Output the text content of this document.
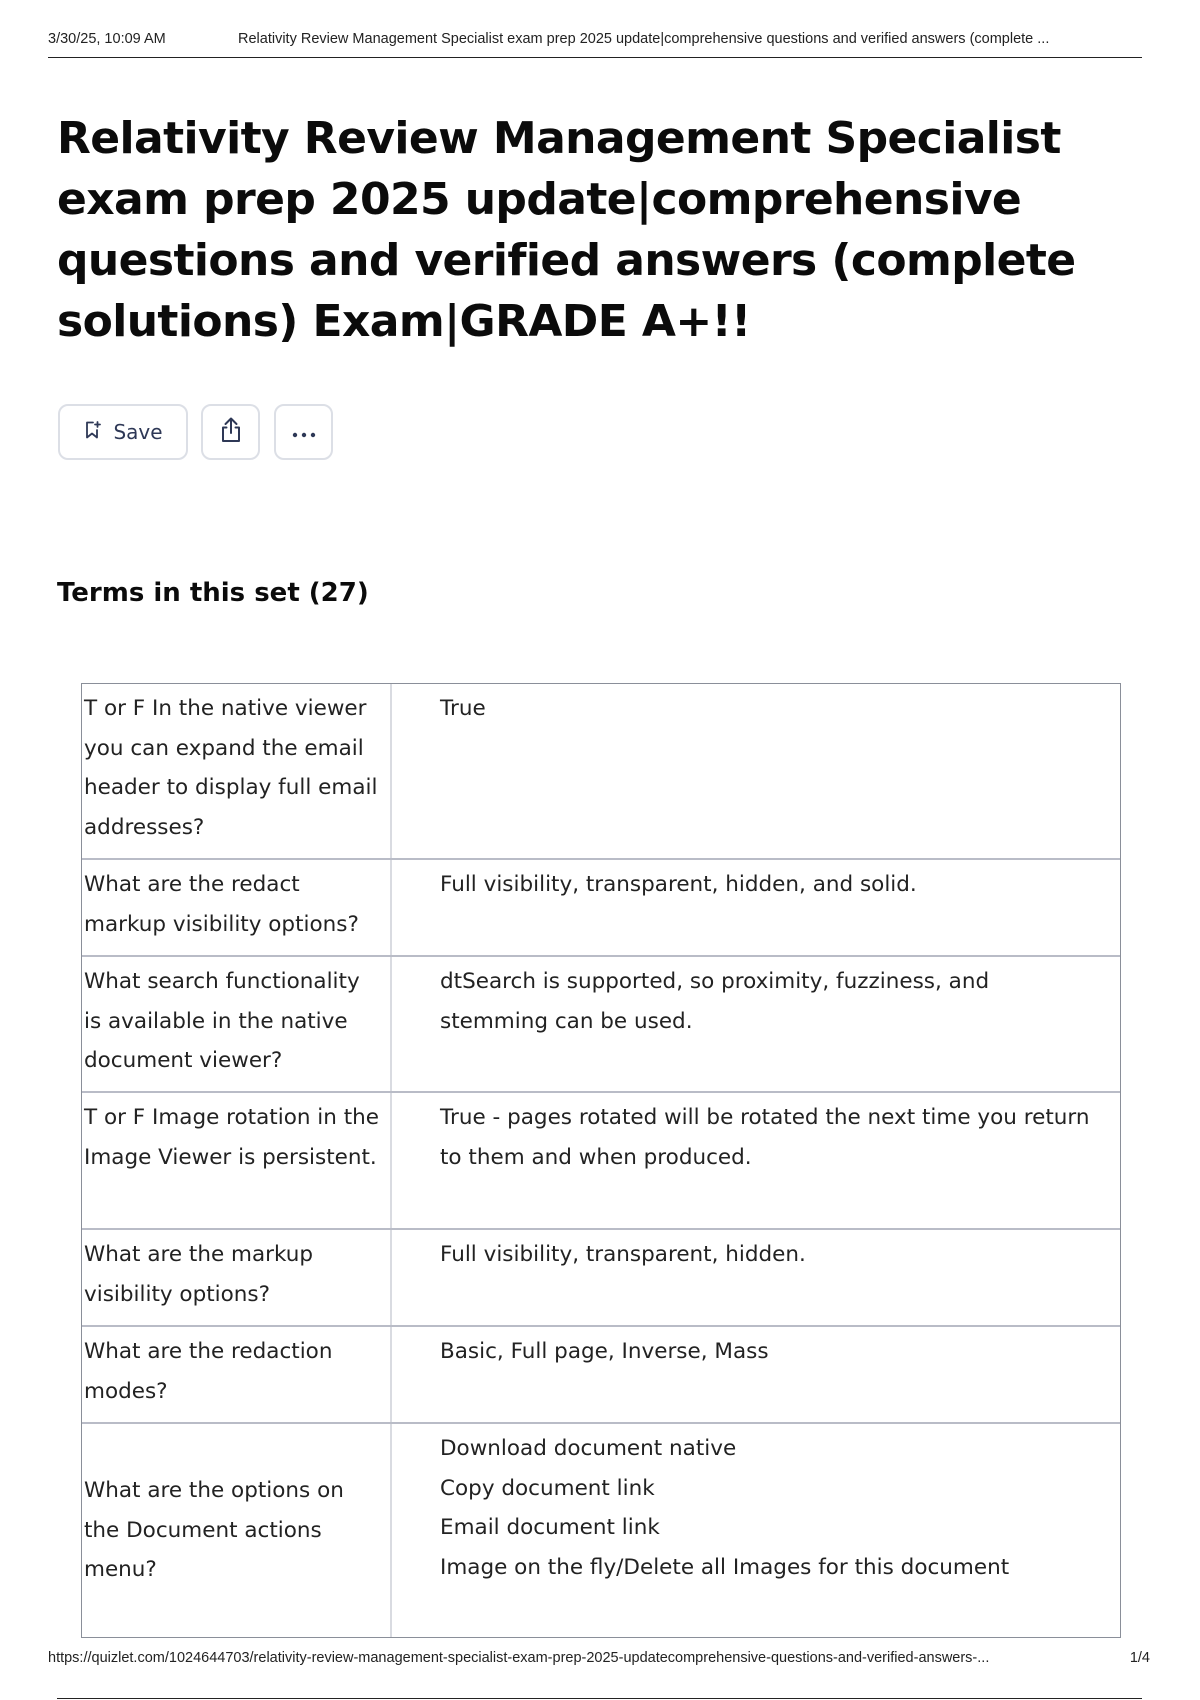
3/30/25, 10:09 AM	Relativity Review Management Specialist exam prep 2025 update|comprehensive questions and verified answers (complete ...
Relativity Review Management Specialist exam prep 2025 update|comprehensive questions and verified answers (complete solutions) Exam|GRADE A+!!
Save
Terms in this set (27)
T or F In the native viewer you can expand the email header to display full email addresses?
True
What are the redact markup visibility options?
Full visibility, transparent, hidden, and solid.
What search functionality is available in the native document viewer?
dtSearch is supported, so proximity, fuzziness, and stemming can be used.
T or F Image rotation in the Image Viewer is persistent.
True - pages rotated will be rotated the next time you return to them and when produced.
What are the markup visibility options?
Full visibility, transparent, hidden.
What are the redaction modes?
Basic, Full page, Inverse, Mass
What are the options on the Document actions menu?
Download document native
Copy document link
Email document link
Image on the fly/Delete all Images for this document
https://quizlet.com/1024644703/relativity-review-management-specialist-exam-prep-2025-updatecomprehensive-questions-and-verified-answers-...	1/4
